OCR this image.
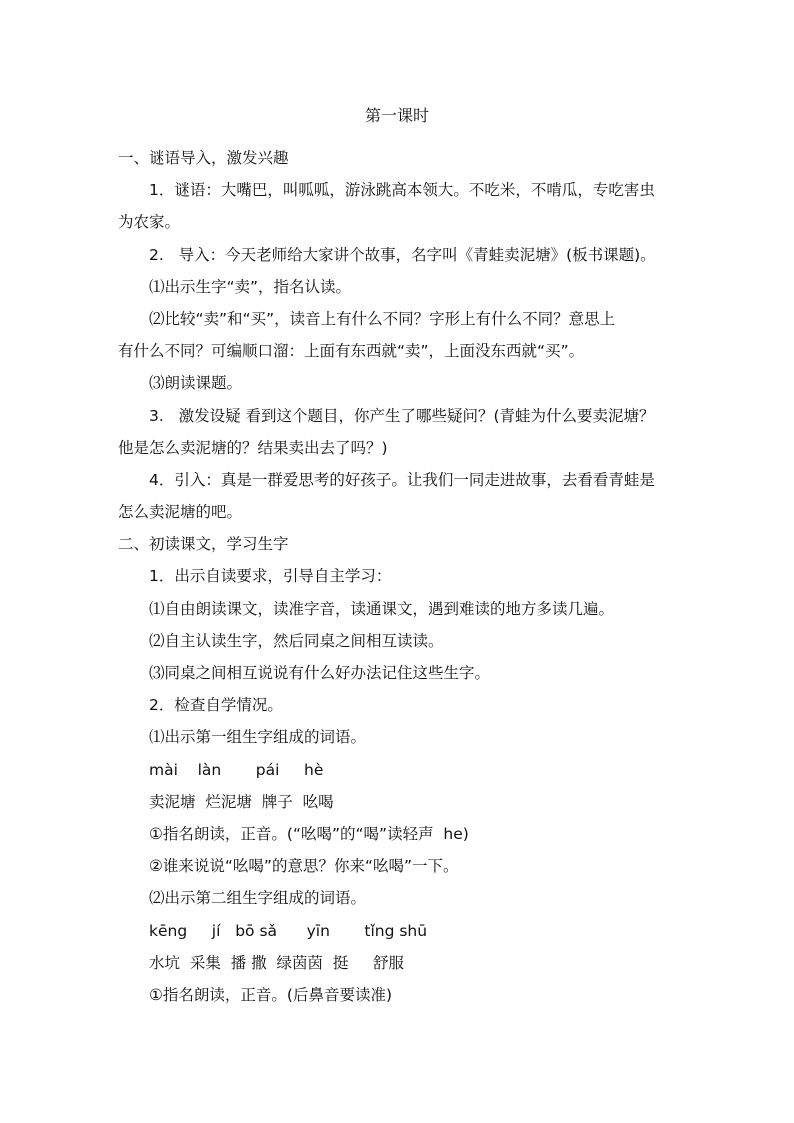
第一课时
一、谜语导入，激发兴趣
1．谜语：大嘴巴，叫呱呱，游泳跳高本领大。不吃米，不啃瓜，专吃害虫
为农家。
2.   导入：今天老师给大家讲个故事，名字叫《青蛙卖泥塘》(板书课题)。
⑴出示生字“卖”，指名认读。
⑵比较“卖”和“买”，读音上有什么不同？字形上有什么不同？意思上
有什么不同？可编顺口溜：上面有东西就“卖”，上面没东西就“买”。
⑶朗读课题。
3.   激发设疑 看到这个题目，你产生了哪些疑问？(青蛙为什么要卖泥塘？
他是怎么卖泥塘的？结果卖出去了吗？)
4．引入：真是一群爱思考的好孩子。让我们一同走进故事，去看看青蛙是
怎么卖泥塘的吧。
二、初读课文，学习生字
1．出示自读要求，引导自主学习：
⑴自由朗读课文，读准字音，读通课文，遇到难读的地方多读几遍。
⑵自主认读生字，然后同桌之间相互读读。
⑶同桌之间相互说说有什么好办法记住这些生字。
2．检查自学情况。
⑴出示第一组生字组成的词语。
mài    làn       pái     hè
卖泥塘  烂泥塘  牌子  吆喝
①指名朗读，正音。(“吆喝”的“喝”读轻声  he)
②谁来说说“吆喝”的意思？你来“吆喝”一下。
⑵出示第二组生字组成的词语。
kēng     jí   bō sǎ      yīn       tǐng shū
水坑  采集  播 撒  绿茵茵  挺     舒服
①指名朗读，正音。(后鼻音要读准)
